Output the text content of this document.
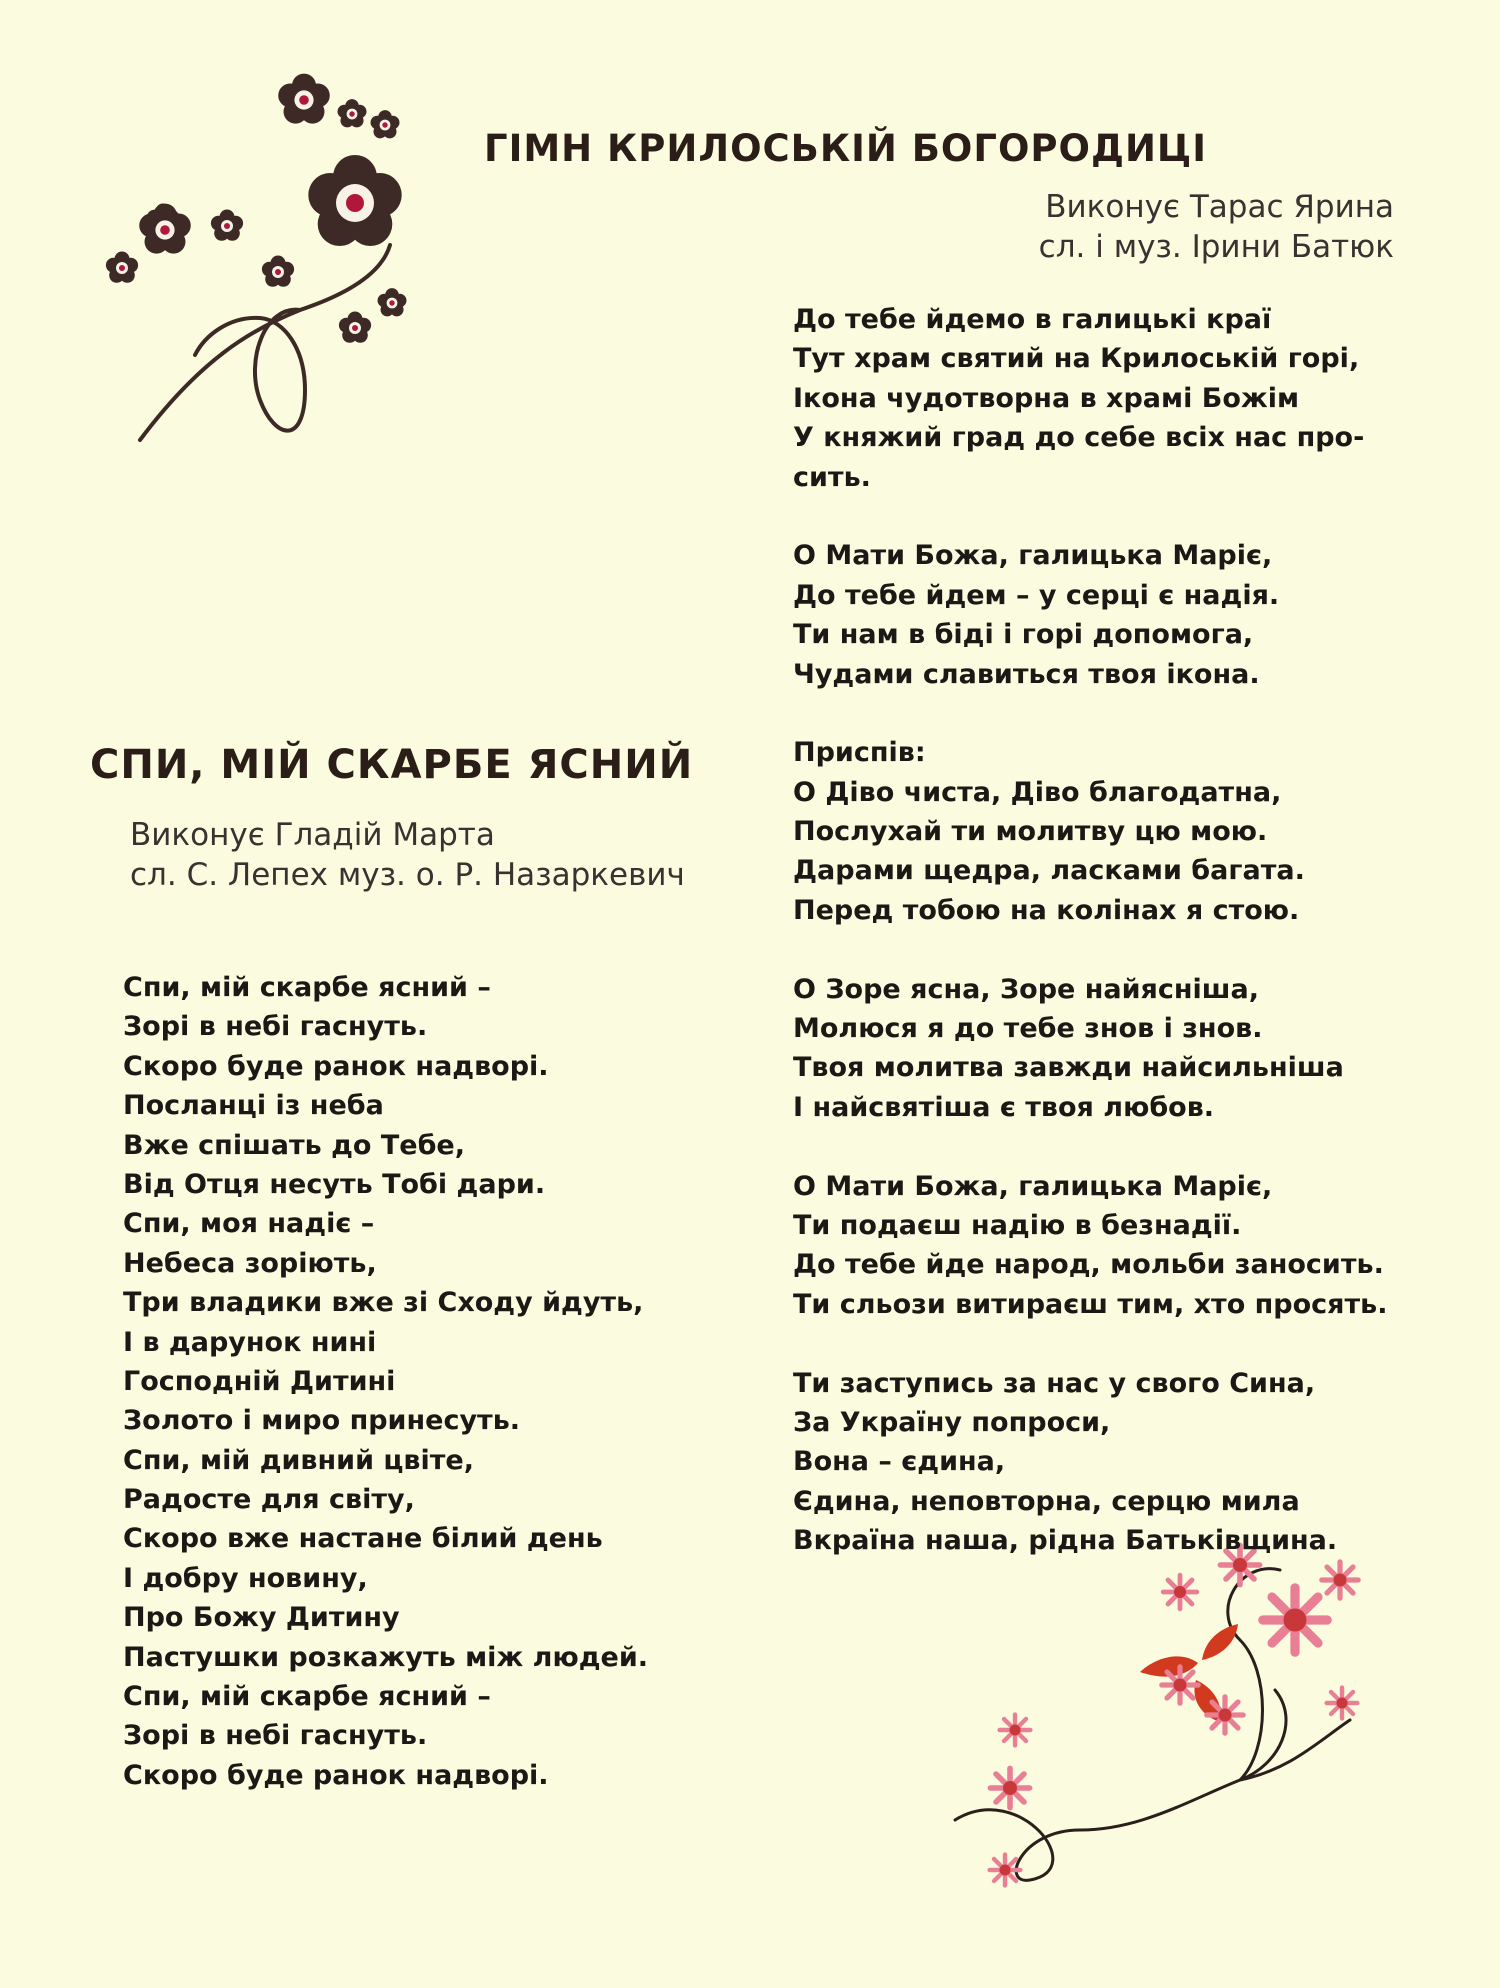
ГІМН КРИЛОСЬКІЙ БОГОРОДИЦІ
Виконує Тарас Ярина
сл. і муз. Ірини Батюк
До тебе йдемо в галицькі краї
Тут храм святий на Крилоській горі,
Ікона чудотворна в храмі Божім
У княжий град до себе всіх нас про-
сить.
О Мати Божа, галицька Маріє,
До тебе йдем – у серці є надія.
Ти нам в біді і горі допомога,
Чудами славиться твоя ікона.
Приспів:
О Діво чиста, Діво благодатна,
Послухай ти молитву цю мою.
Дарами щедра, ласками багата.
Перед тобою на колінах я стою.
О Зоре ясна, Зоре найясніша,
Молюся я до тебе знов і знов.
Твоя молитва завжди найсильніша
І найсвятіша є твоя любов.
О Мати Божа, галицька Маріє,
Ти подаєш надію в безнадії.
До тебе йде народ, мольби заносить.
Ти сльози витираєш тим, хто просять.
Ти заступись за нас у свого Сина,
За Україну попроси,
Вона – єдина,
Єдина, неповторна, серцю мила
Вкраїна наша, рідна Батьківщина.
СПИ, МІЙ СКАРБЕ ЯСНИЙ
Виконує Гладій Марта
сл. С. Лепех муз. о. Р. Назаркевич
Спи, мій скарбе ясний –
Зорі в небі гаснуть.
Скоро буде ранок надворі.
Посланці із неба
Вже спішать до Тебе,
Від Отця несуть Тобі дари.
Спи, моя надіє –
Небеса зоріють,
Три владики вже зі Сходу йдуть,
І в дарунок нині
Господній Дитині
Золото і миро принесуть.
Спи, мій дивний цвіте,
Радосте для світу,
Скоро вже настане білий день
І добру новину,
Про Божу Дитину
Пастушки розкажуть між людей.
Спи, мій скарбе ясний –
Зорі в небі гаснуть.
Скоро буде ранок надворі.
